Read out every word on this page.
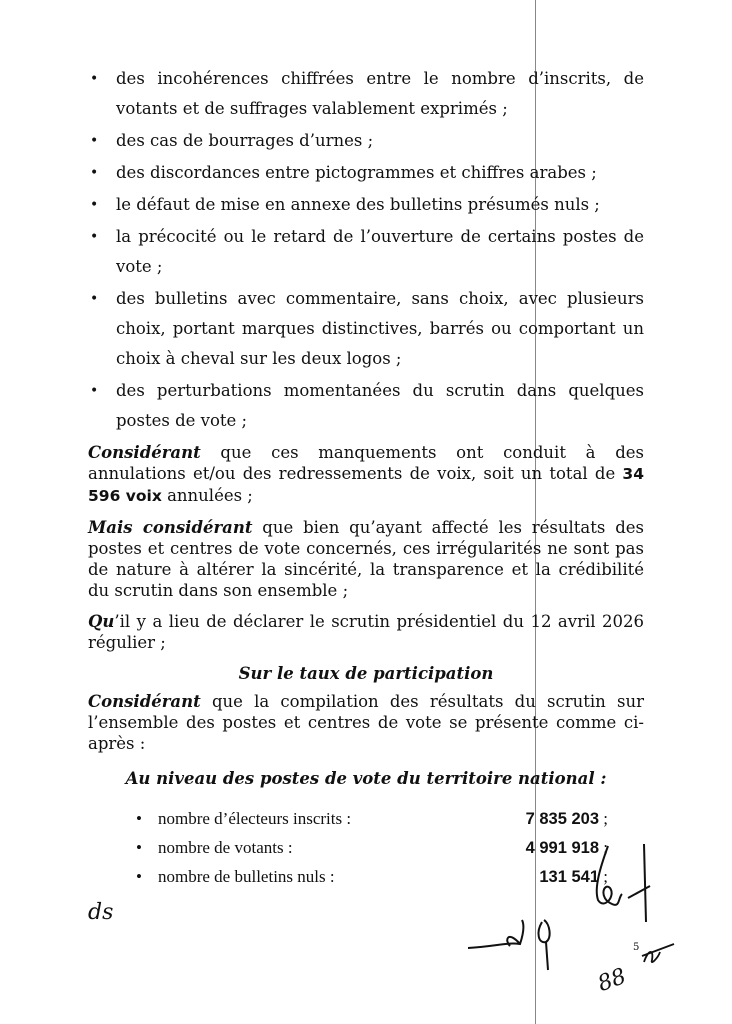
• des incohérences chiffrées entre le nombre d’inscrits, de votants et de suffrages valablement exprimés ;
• des cas de bourrages d’urnes ;
• des discordances entre pictogrammes et chiffres arabes ;
• le défaut de mise en annexe des bulletins présumés nuls ;
• la précocité ou le retard de l’ouverture de certains postes de vote ;
• des bulletins avec commentaire, sans choix, avec plusieurs choix, portant marques distinctives, barrés ou comportant un choix à cheval sur les deux logos ;
• des perturbations momentanées du scrutin dans quelques postes de vote ;

Considérant que ces manquements ont conduit à des annulations et/ou des redressements de voix, soit un total de 34 596 voix annulées ;

Mais considérant que bien qu’ayant affecté les résultats des postes et centres de vote concernés, ces irrégularités ne sont pas de nature à altérer la sincérité, la transparence et la crédibilité du scrutin dans son ensemble ;

Qu’il y a lieu de déclarer le scrutin présidentiel du 12 avril 2026 régulier ;

Sur le taux de participation

Considérant que la compilation des résultats du scrutin sur l’ensemble des postes et centres de vote se présente comme ci-après :

Au niveau des postes de vote du territoire national :
•	nombre d’électeurs inscrits :	7 835 203 ;
•	nombre de votants :	4 991 918 ;
•	nombre de bulletins nuls :	131 541 ;
ds
5
88
